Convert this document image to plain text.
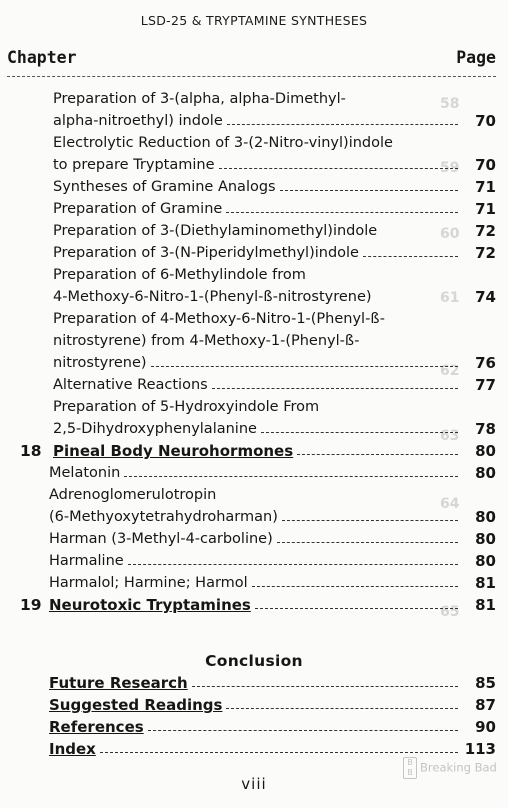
LSD-25 & TRYPTAMINE SYNTHESES
Chapter	Page
58
59
60
61
62
63
64
65
Preparation of 3-(alpha, alpha-Dimethyl-
alpha-nitroethyl) indole	70
Electrolytic Reduction of 3-(2-Nitro-vinyl)indole
to prepare Tryptamine	70
Syntheses of Gramine Analogs	71
Preparation of Gramine	71
Preparation of 3-(Diethylaminomethyl)indole	72
Preparation of 3-(N-Piperidylmethyl)indole	72
Preparation of 6-Methylindole from
4-Methoxy-6-Nitro-1-(Phenyl-ß-nitrostyrene)	74
Preparation of 4-Methoxy-6-Nitro-1-(Phenyl-ß-
nitrostyrene) from 4-Methoxy-1-(Phenyl-ß-
nitrostyrene)	76
Alternative Reactions	77
Preparation of 5-Hydroxyindole From
2,5-Dihydroxyphenylalanine	78
18 Pineal Body Neurohormones	80
Melatonin	80
Adrenoglomerulotropin
(6-Methyoxytetrahydroharman)	80
Harman (3-Methyl-4-carboline)	80
Harmaline	80
Harmalol; Harmine; Harmol	81
19 Neurotoxic Tryptamines	81
Future Research	85
Suggested Readings	87
References	90
Index	113
Conclusion
viii
B
B Breaking Bad
